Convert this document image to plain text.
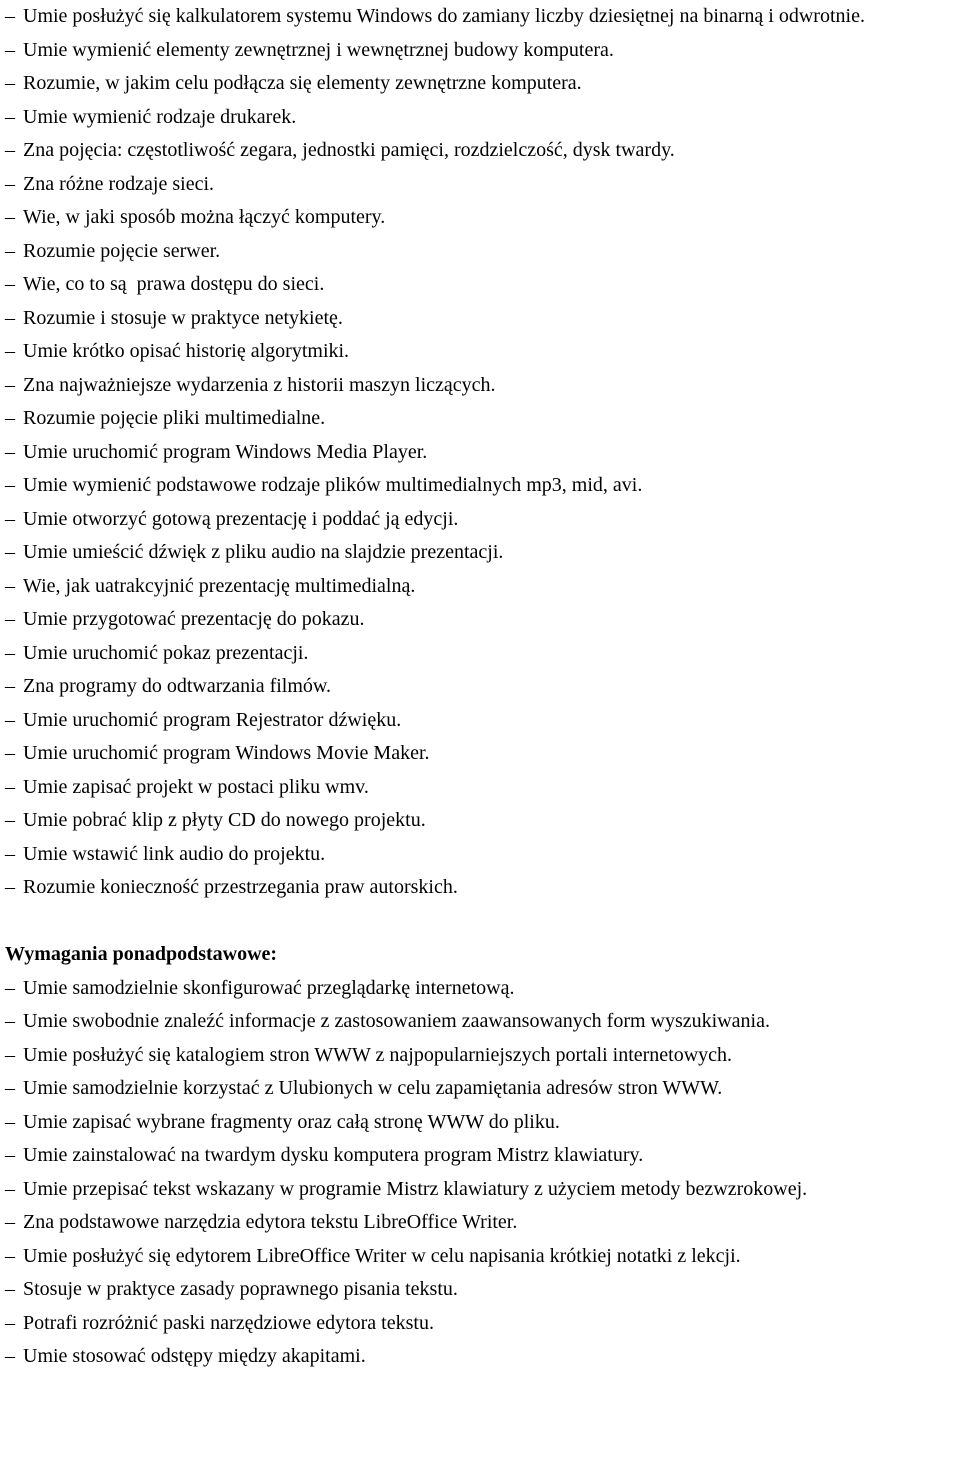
–Umie posłużyć się kalkulatorem systemu Windows do zamiany liczby dziesiętnej na binarną i odwrotnie.

–Umie wymienić elementy zewnętrznej i wewnętrznej budowy komputera.

–Rozumie, w jakim celu podłącza się elementy zewnętrzne komputera.

–Umie wymienić rodzaje drukarek.

–Zna pojęcia: częstotliwość zegara, jednostki pamięci, rozdzielczość, dysk twardy.

–Zna różne rodzaje sieci.

–Wie, w jaki sposób można łączyć komputery.

–Rozumie pojęcie serwer.

–Wie, co to są  prawa dostępu do sieci.

–Rozumie i stosuje w praktyce netykietę.

–Umie krótko opisać historię algorytmiki.

–Zna najważniejsze wydarzenia z historii maszyn liczących.

–Rozumie pojęcie pliki multimedialne.

–Umie uruchomić program Windows Media Player.

–Umie wymienić podstawowe rodzaje plików multimedialnych mp3, mid, avi.

–Umie otworzyć gotową prezentację i poddać ją edycji.

–Umie umieścić dźwięk z pliku audio na slajdzie prezentacji.

–Wie, jak uatrakcyjnić prezentację multimedialną.

–Umie przygotować prezentację do pokazu.

–Umie uruchomić pokaz prezentacji.

–Zna programy do odtwarzania filmów.

–Umie uruchomić program Rejestrator dźwięku.

–Umie uruchomić program Windows Movie Maker.

–Umie zapisać projekt w postaci pliku wmv.

–Umie pobrać klip z płyty CD do nowego projektu.

–Umie wstawić link audio do projektu.

–Rozumie konieczność przestrzegania praw autorskich.

Wymagania ponadpodstawowe:

–Umie samodzielnie skonfigurować przeglądarkę internetową.

–Umie swobodnie znaleźć informacje z zastosowaniem zaawansowanych form wyszukiwania.

–Umie posłużyć się katalogiem stron WWW z najpopularniejszych portali internetowych.

–Umie samodzielnie korzystać z Ulubionych w celu zapamiętania adresów stron WWW.

–Umie zapisać wybrane fragmenty oraz całą stronę WWW do pliku.

–Umie zainstalować na twardym dysku komputera program Mistrz klawiatury.

–Umie przepisać tekst wskazany w programie Mistrz klawiatury z użyciem metody bezwzrokowej.

–Zna podstawowe narzędzia edytora tekstu LibreOffice Writer.

–Umie posłużyć się edytorem LibreOffice Writer w celu napisania krótkiej notatki z lekcji.

–Stosuje w praktyce zasady poprawnego pisania tekstu.

–Potrafi rozróżnić paski narzędziowe edytora tekstu.

–Umie stosować odstępy między akapitami.
